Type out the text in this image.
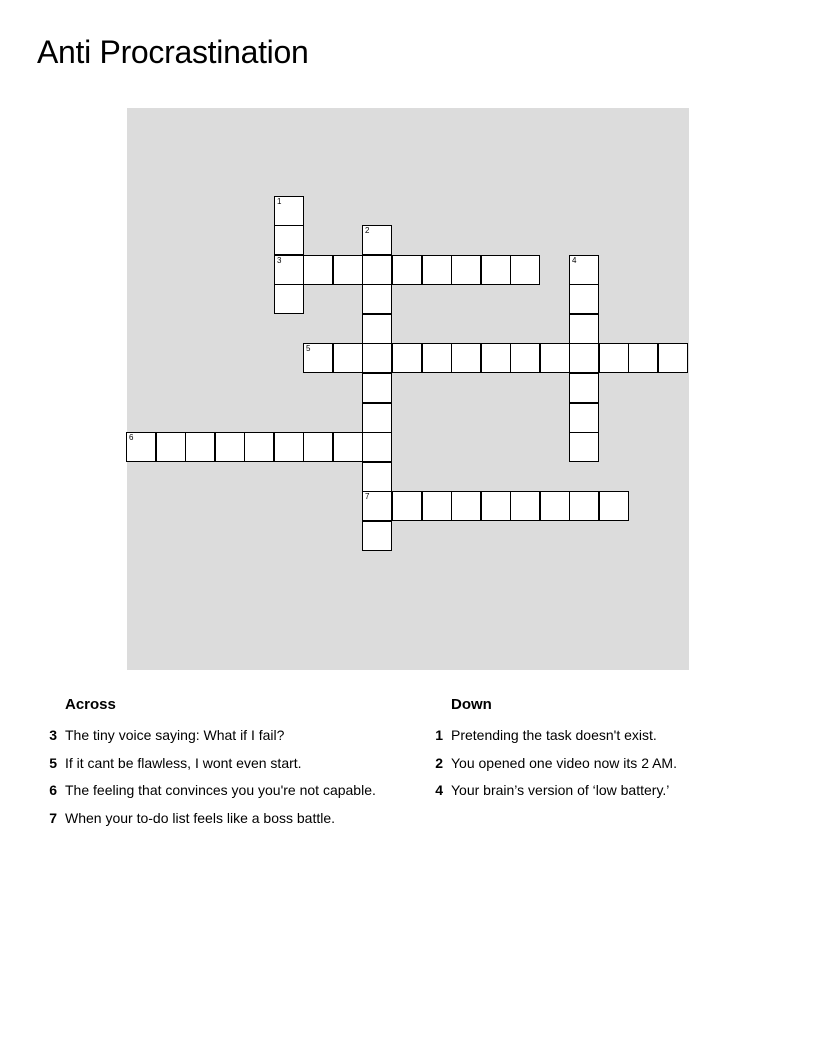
Anti Procrastination
1
3
2
7
4
5
6
Across	Down
3 The tiny voice saying: What if I fail?
5 If it cant be flawless, I wont even start.
6 The feeling that convinces you you're not capable.
7 When your to-do list feels like a boss battle.
1 Pretending the task doesn't exist.
2 You opened one video now its 2 AM.
4 Your brain’s version of ‘low battery.’
